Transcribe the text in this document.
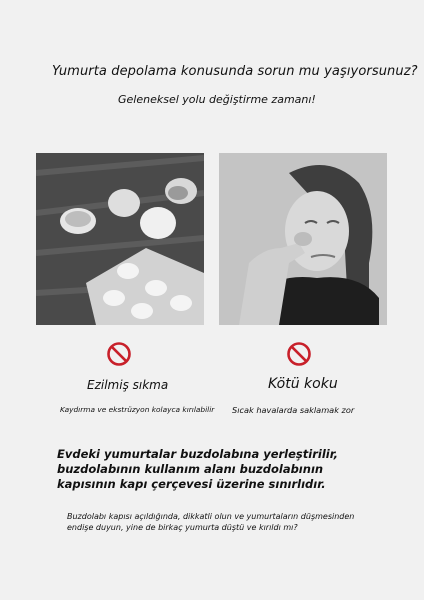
Yumurta depolama konusunda sorun mu yaşıyorsunuz?
Geleneksel yolu değiştirme zamanı!
Ezilmiş sıkma	Kötü koku
Kaydırma ve ekstrüzyon kolayca kırılabilir Sıcak havalarda saklamak zor
Evdeki yumurtalar buzdolabına yerleştirilir, buzdolabının kullanım alanı buzdolabının kapısının kapı çerçevesi üzerine sınırlıdır.
Buzdolabı kapısı açıldığında, dikkatli olun ve yumurtaların düşmesinden endişe duyun, yine de birkaç yumurta düştü ve kırıldı mı?
